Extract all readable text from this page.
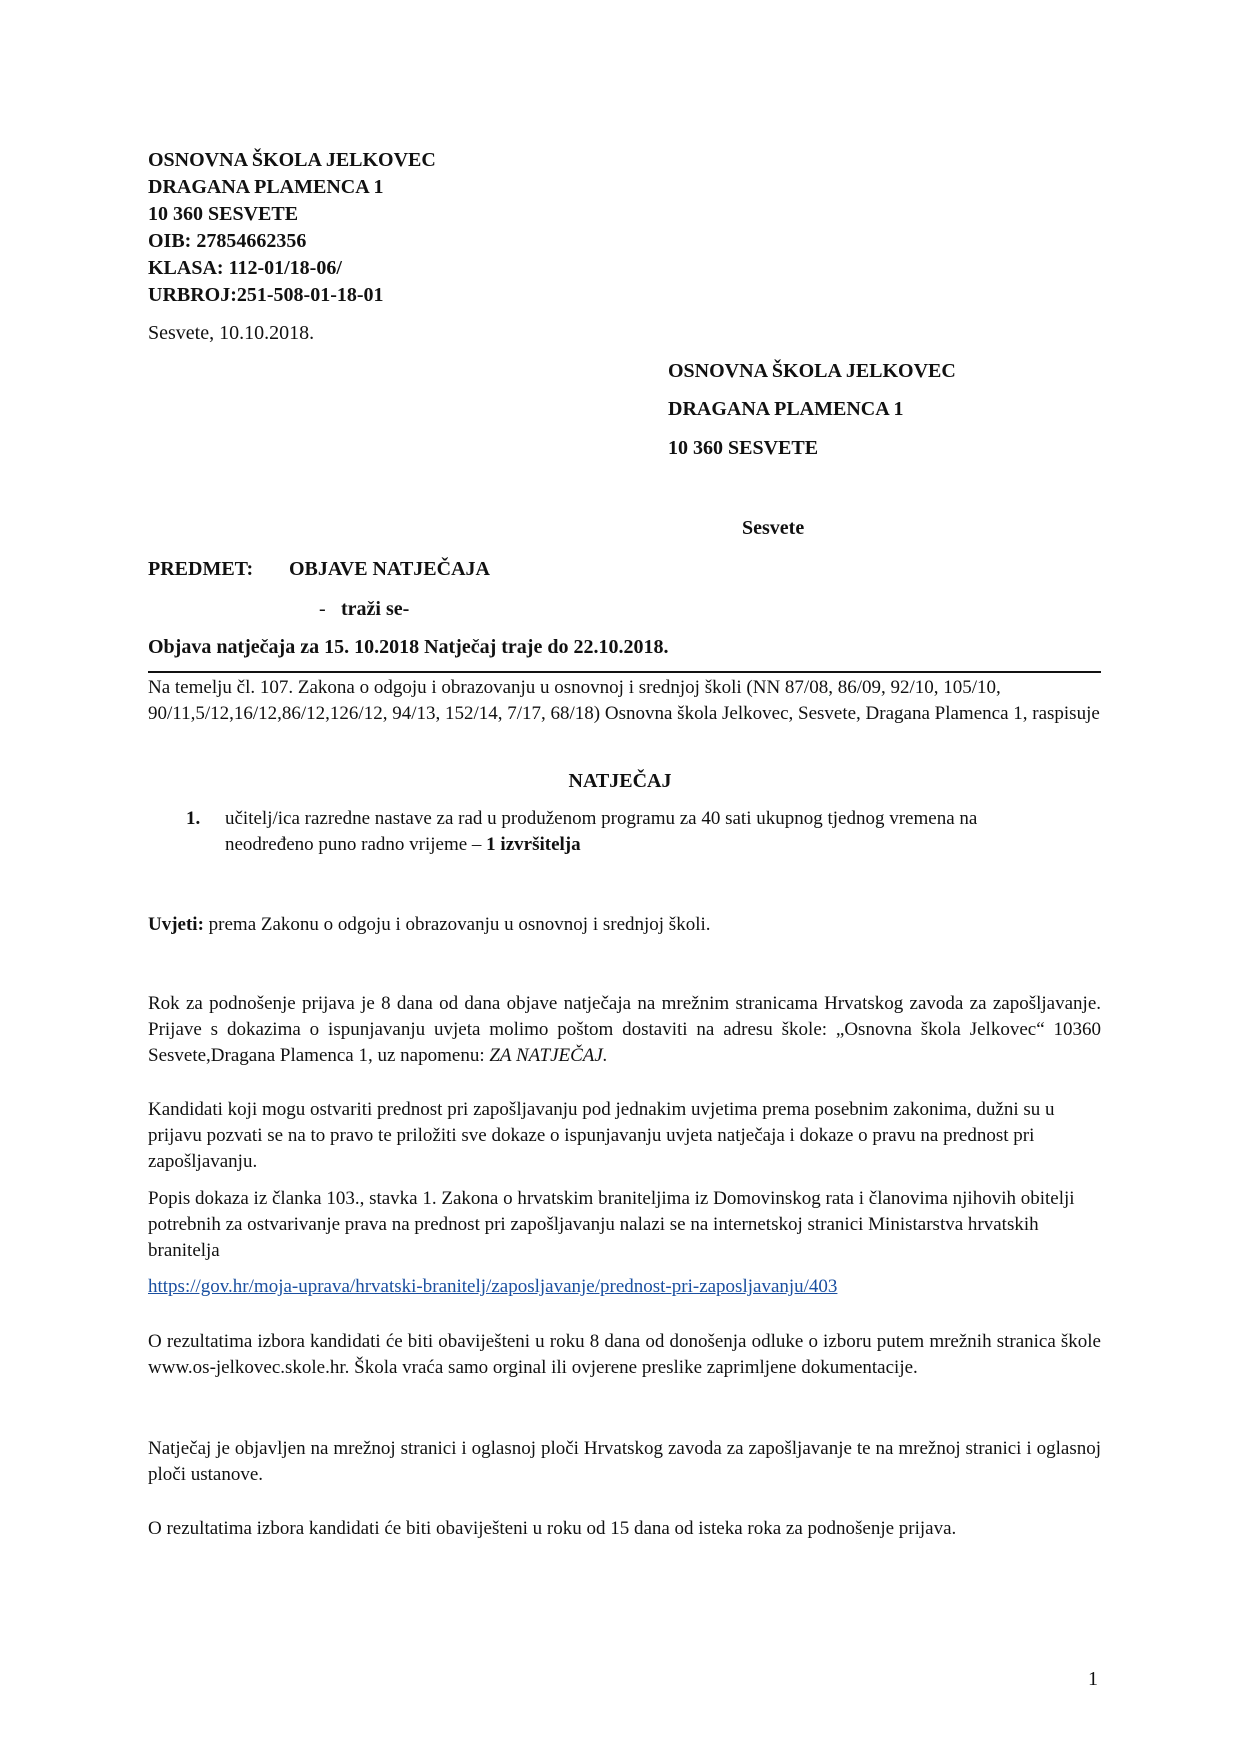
OSNOVNA ŠKOLA JELKOVEC
DRAGANA PLAMENCA 1
10 360 SESVETE
OIB: 27854662356
KLASA: 112-01/18-06/
URBROJ:251-508-01-18-01

Sesvete, 10.10.2018.

OSNOVNA ŠKOLA JELKOVEC

DRAGANA PLAMENCA 1

10 360 SESVETE

Sesvete

PREDMET: OBJAVE NATJEČAJA

- traži se-

Objava natječaja za 15. 10.2018 Natječaj traje do 22.10.2018.

Na temelju čl. 107. Zakona o odgoju i obrazovanju u osnovnoj i srednjoj školi (NN 87/08, 86/09, 92/10, 105/10, 90/11,5/12,16/12,86/12,126/12, 94/13, 152/14, 7/17, 68/18) Osnovna škola Jelkovec, Sesvete, Dragana Plamenca 1, raspisuje

NATJEČAJ

1. učitelj/ica razredne nastave za rad u produženom programu za 40 sati ukupnog tjednog vremena na neodređeno puno radno vrijeme – 1 izvršitelja

Uvjeti: prema Zakonu o odgoju i obrazovanju u osnovnoj i srednjoj školi.

Rok za podnošenje prijava je 8 dana od dana objave natječaja na mrežnim stranicama Hrvatskog zavoda za zapošljavanje. Prijave s dokazima o ispunjavanju uvjeta molimo poštom dostaviti na adresu škole: „Osnovna škola Jelkovec“ 10360 Sesvete,Dragana Plamenca 1, uz napomenu: ZA NATJEČAJ.

Kandidati koji mogu ostvariti prednost pri zapošljavanju pod jednakim uvjetima prema posebnim zakonima, dužni su u prijavu pozvati se na to pravo te priložiti sve dokaze o ispunjavanju uvjeta natječaja i dokaze o pravu na prednost pri zapošljavanju.

Popis dokaza iz članka 103., stavka 1. Zakona o hrvatskim braniteljima iz Domovinskog rata i članovima njihovih obitelji potrebnih za ostvarivanje prava na prednost pri zapošljavanju nalazi se na internetskoj stranici Ministarstva hrvatskih branitelja

https://gov.hr/moja-uprava/hrvatski-branitelj/zaposljavanje/prednost-pri-zaposljavanju/403

O rezultatima izbora kandidati će biti obaviješteni u roku 8 dana od donošenja odluke o izboru putem mrežnih stranica škole www.os-jelkovec.skole.hr. Škola vraća samo orginal ili ovjerene preslike zaprimljene dokumentacije.

Natječaj je objavljen na mrežnoj stranici i oglasnoj ploči Hrvatskog zavoda za zapošljavanje te na mrežnoj stranici i oglasnoj ploči ustanove.

O rezultatima izbora kandidati će biti obaviješteni u roku od 15 dana od isteka roka za podnošenje prijava.

1
